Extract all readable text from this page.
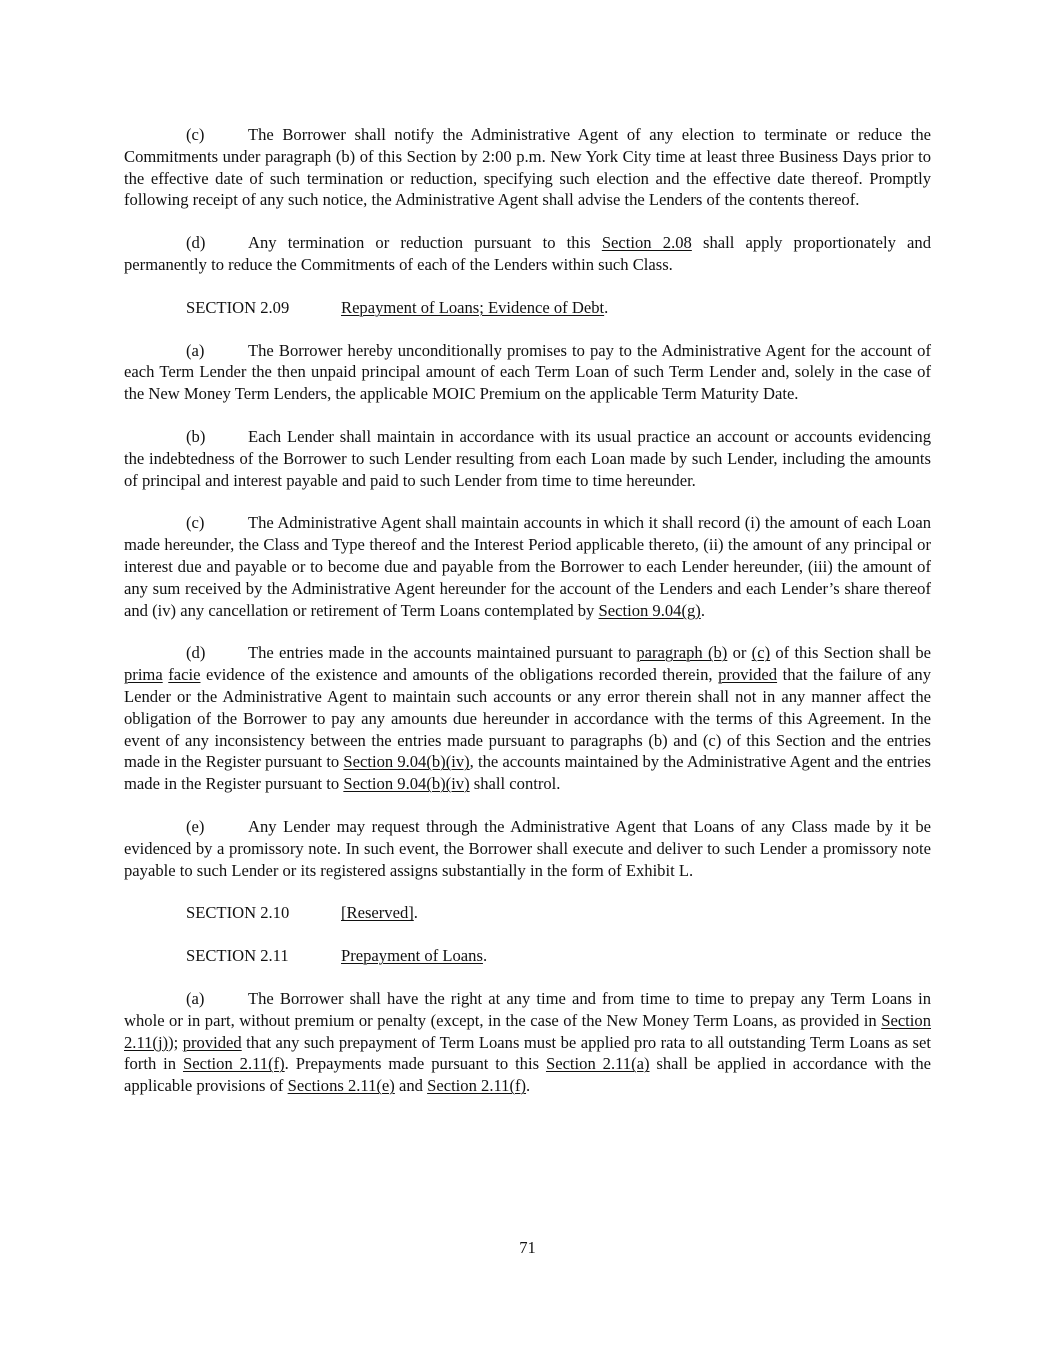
(c)	The Borrower shall notify the Administrative Agent of any election to terminate or reduce the Commitments under paragraph (b) of this Section by 2:00 p.m. New York City time at least three Business Days prior to the effective date of such termination or reduction, specifying such election and the effective date thereof. Promptly following receipt of any such notice, the Administrative Agent shall advise the Lenders of the contents thereof.

(d)	Any termination or reduction pursuant to this Section 2.08 shall apply proportionately and permanently to reduce the Commitments of each of the Lenders within such Class.

SECTION 2.09	Repayment of Loans; Evidence of Debt.

(a)	The Borrower hereby unconditionally promises to pay to the Administrative Agent for the account of each Term Lender the then unpaid principal amount of each Term Loan of such Term Lender and, solely in the case of the New Money Term Lenders, the applicable MOIC Premium on the applicable Term Maturity Date.

(b)	Each Lender shall maintain in accordance with its usual practice an account or accounts evidencing the indebtedness of the Borrower to such Lender resulting from each Loan made by such Lender, including the amounts of principal and interest payable and paid to such Lender from time to time hereunder.

(c)	The Administrative Agent shall maintain accounts in which it shall record (i) the amount of each Loan made hereunder, the Class and Type thereof and the Interest Period applicable thereto, (ii) the amount of any principal or interest due and payable or to become due and payable from the Borrower to each Lender hereunder, (iii) the amount of any sum received by the Administrative Agent hereunder for the account of the Lenders and each Lender’s share thereof and (iv) any cancellation or retirement of Term Loans contemplated by Section 9.04(g).

(d)	The entries made in the accounts maintained pursuant to paragraph (b) or (c) of this Section shall be prima facie evidence of the existence and amounts of the obligations recorded therein, provided that the failure of any Lender or the Administrative Agent to maintain such accounts or any error therein shall not in any manner affect the obligation of the Borrower to pay any amounts due hereunder in accordance with the terms of this Agreement. In the event of any inconsistency between the entries made pursuant to paragraphs (b) and (c) of this Section and the entries made in the Register pursuant to Section 9.04(b)(iv), the accounts maintained by the Administrative Agent and the entries made in the Register pursuant to Section 9.04(b)(iv) shall control.

(e)	Any Lender may request through the Administrative Agent that Loans of any Class made by it be evidenced by a promissory note. In such event, the Borrower shall execute and deliver to such Lender a promissory note payable to such Lender or its registered assigns substantially in the form of Exhibit L.

SECTION 2.10	[Reserved].

SECTION 2.11	Prepayment of Loans.

(a)	The Borrower shall have the right at any time and from time to time to prepay any Term Loans in whole or in part, without premium or penalty (except, in the case of the New Money Term Loans, as provided in Section 2.11(j)); provided that any such prepayment of Term Loans must be applied pro rata to all outstanding Term Loans as set forth in Section 2.11(f). Prepayments made pursuant to this Section 2.11(a) shall be applied in accordance with the applicable provisions of Sections 2.11(e) and Section 2.11(f).

71
